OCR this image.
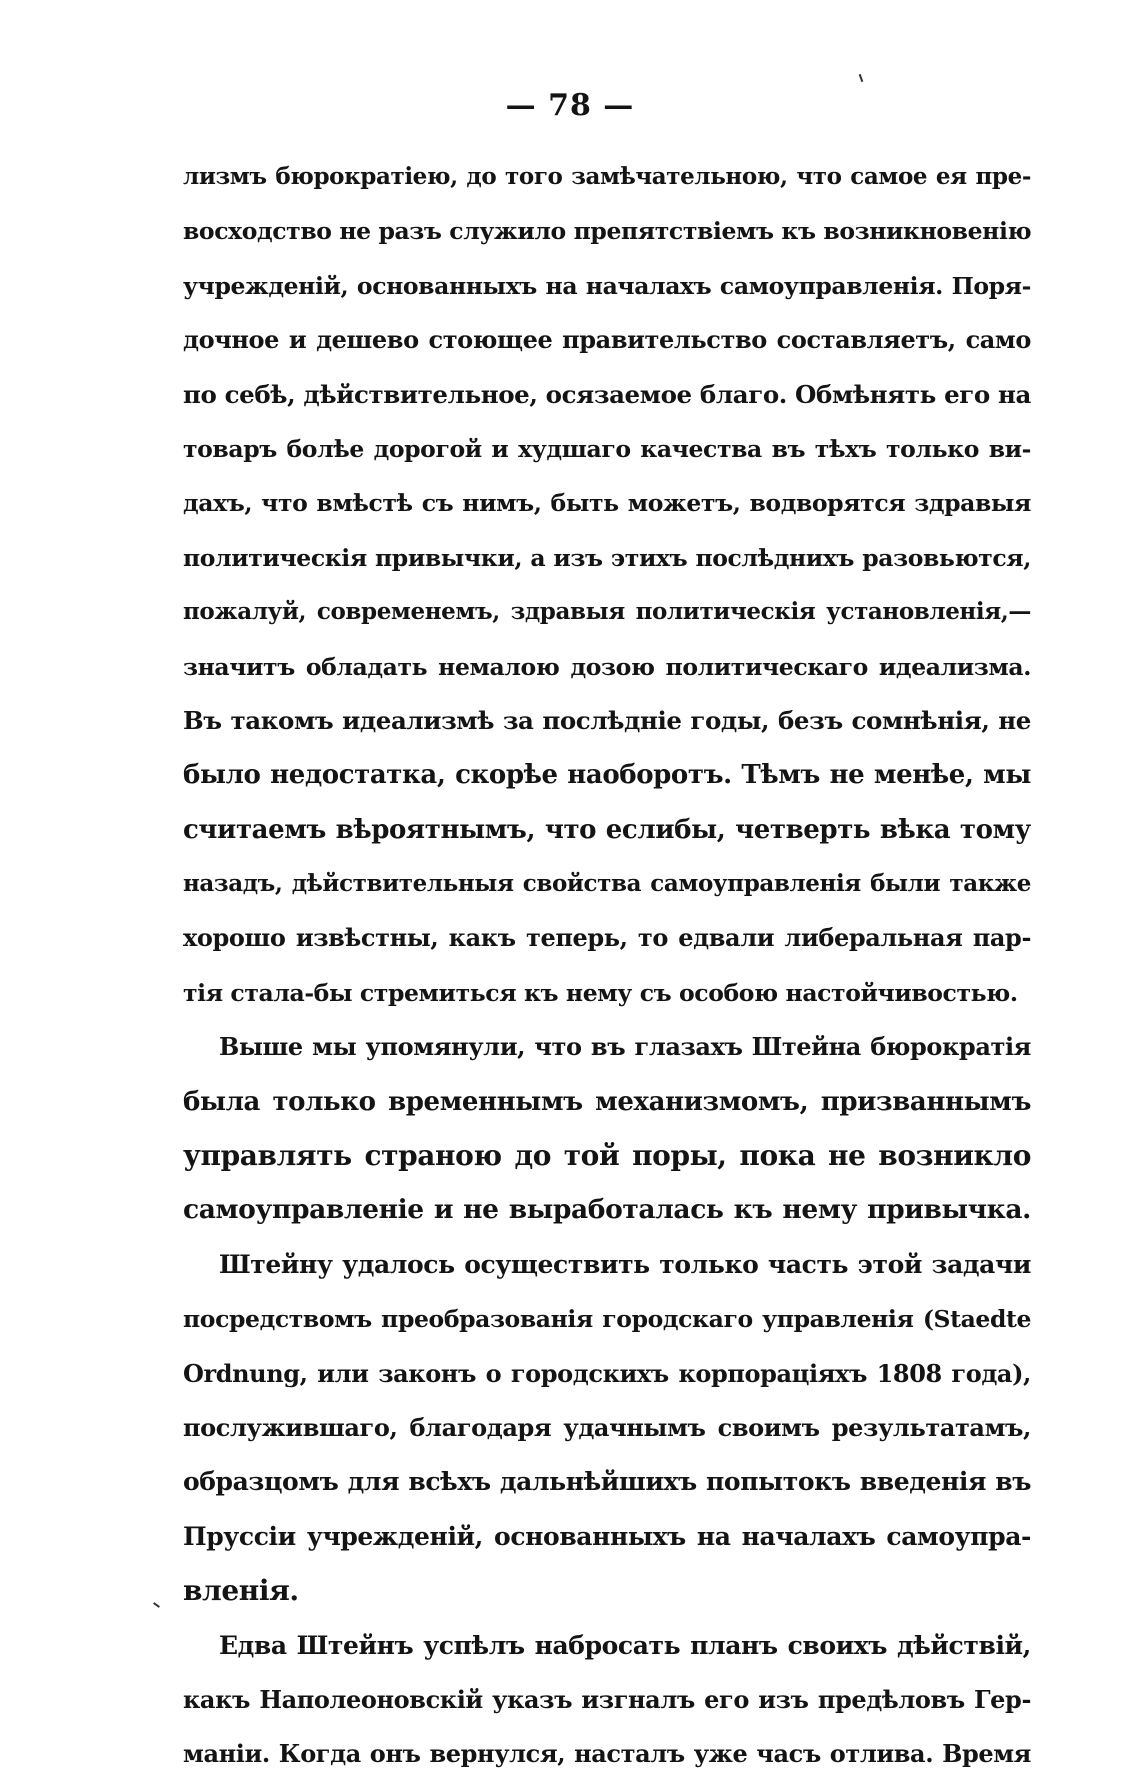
— 78 —
лизмъ бюрократіею, до того замѣчательною, что самое ея пре-
восходство не разъ служило препятствіемъ къ возникновенію
учрежденій, основанныхъ на началахъ самоуправленія. Поря-
дочное и дешево стоющее правительство составляетъ, само
по себѣ, дѣйствительное, осязаемое благо. Обмѣнять его на
товаръ болѣе дорогой и худшаго качества въ тѣхъ только ви-
дахъ, что вмѣстѣ съ нимъ, быть можетъ, водворятся здравыя
политическія привычки, а изъ этихъ послѣднихъ разовьются,
пожалуй, современемъ, здравыя политическія установленія,—
значитъ обладать немалою дозою политическаго идеализма.
Въ такомъ идеализмѣ за послѣдніе годы, безъ сомнѣнія, не
было недостатка, скорѣе наоборотъ. Тѣмъ не менѣе, мы
считаемъ вѣроятнымъ, что еслибы, четверть вѣка тому
назадъ, дѣйствительныя свойства самоуправленія были также
хорошо извѣстны, какъ теперь, то едвали либеральная пар-
тія стала-бы стремиться къ нему съ особою настойчивостью.
Выше мы упомянули, что въ глазахъ Штейна бюрократія
была только временнымъ механизмомъ, призваннымъ
управлять страною до той поры, пока не возникло
самоуправленіе и не выработалась къ нему привычка.
Штейну удалось осуществить только часть этой задачи
посредствомъ преобразованія городскаго управленія (Staedte
Ordnung, или законъ о городскихъ корпораціяхъ 1808 года),
послужившаго, благодаря удачнымъ своимъ результатамъ,
образцомъ для всѣхъ дальнѣйшихъ попытокъ введенія въ
Пруссіи учрежденій, основанныхъ на началахъ самоупра-
вленія.
Едва Штейнъ успѣлъ набросать планъ своихъ дѣйствій,
какъ Наполеоновскій указъ изгналъ его изъ предѣловъ Гер-
маніи. Когда онъ вернулся, насталъ уже часъ отлива. Время
